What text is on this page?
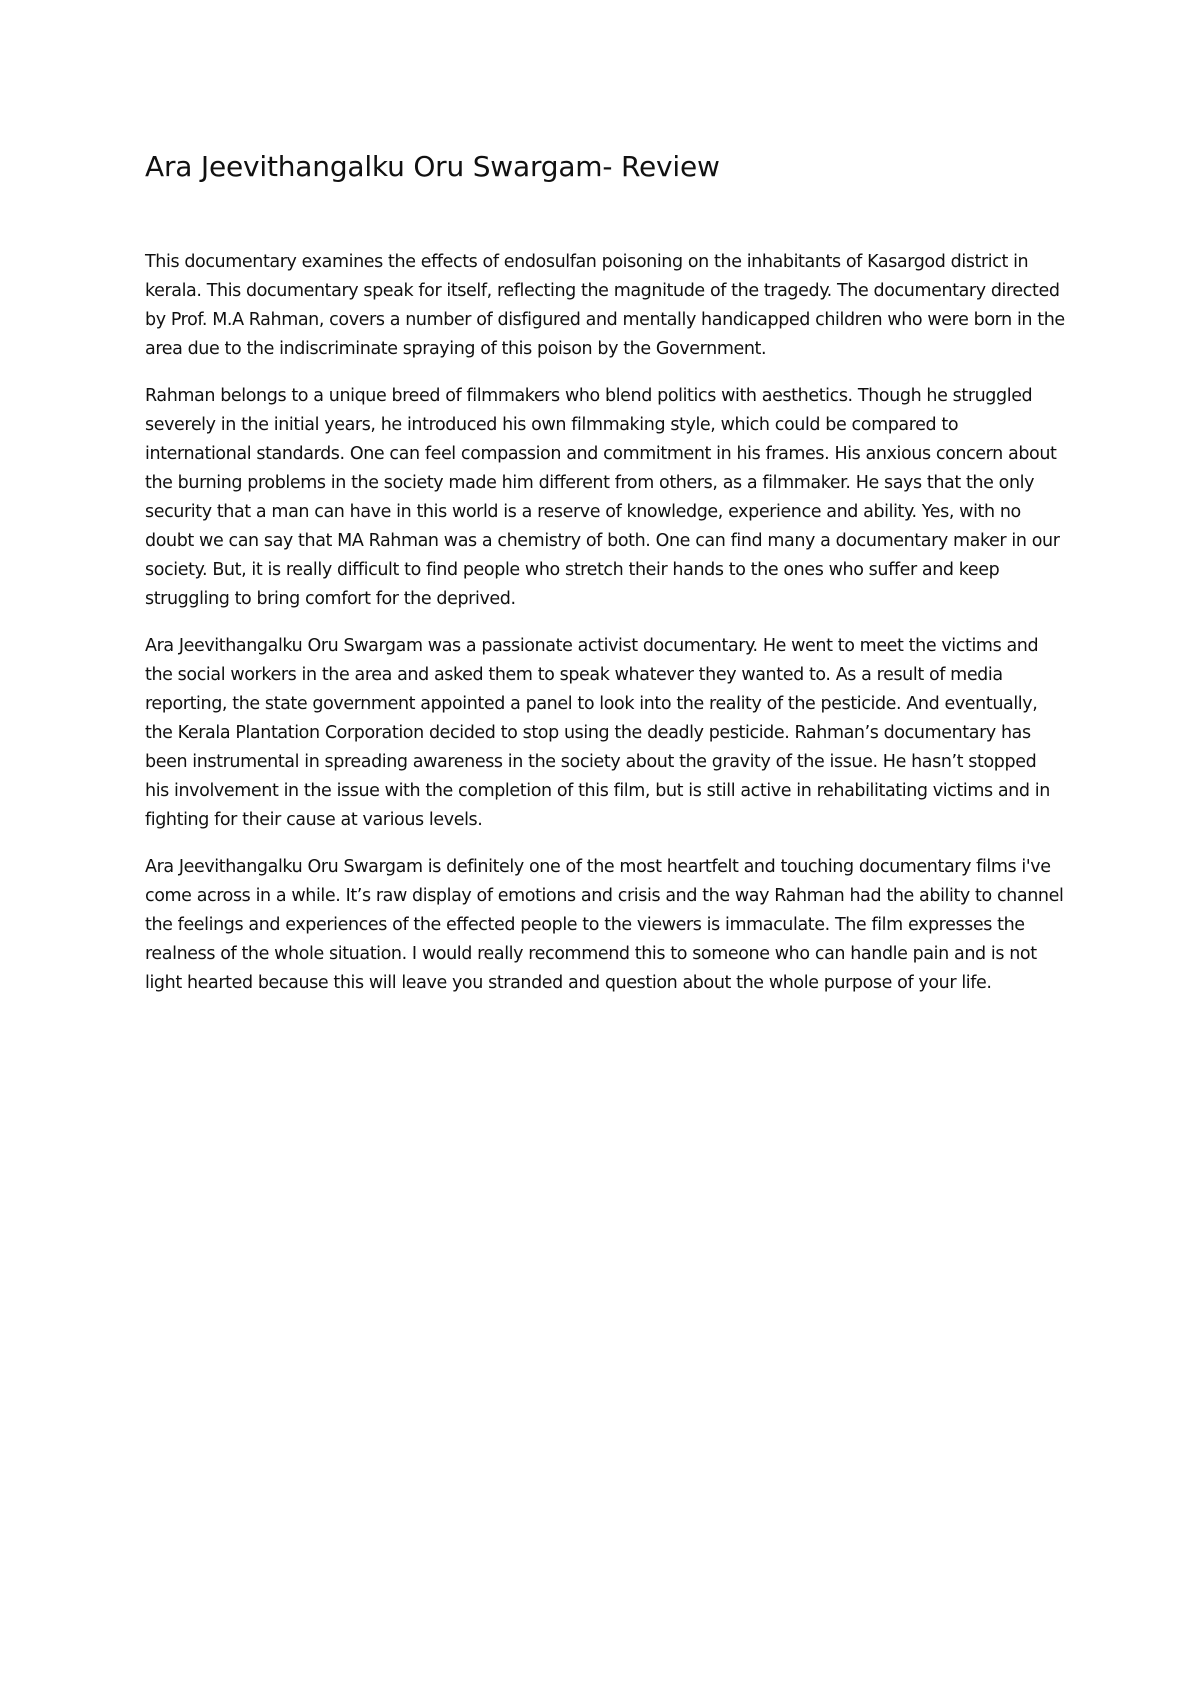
Ara Jeevithangalku Oru Swargam- Review

This documentary examines the effects of endosulfan poisoning on the inhabitants of Kasargod district in kerala. This documentary speak for itself, reflecting the magnitude of the tragedy. The documentary directed by Prof. M.A Rahman, covers a number of disfigured and mentally handicapped children who were born in the area due to the indiscriminate spraying of this poison by the Government.

Rahman belongs to a unique breed of filmmakers who blend politics with aesthetics. Though he struggled severely in the initial years, he introduced his own filmmaking style, which could be compared to international standards. One can feel compassion and commitment in his frames. His anxious concern about the burning problems in the society made him different from others, as a filmmaker. He says that the only security that a man can have in this world is a reserve of knowledge, experience and ability. Yes, with no doubt we can say that MA Rahman was a chemistry of both. One can find many a documentary maker in our society. But, it is really difficult to find people who stretch their hands to the ones who suffer and keep struggling to bring comfort for the deprived.

Ara Jeevithangalku Oru Swargam was a passionate activist documentary. He went to meet the victims and the social workers in the area and asked them to speak whatever they wanted to. As a result of media reporting, the state government appointed a panel to look into the reality of the pesticide. And eventually, the Kerala Plantation Corporation decided to stop using the deadly pesticide. Rahman’s documentary has been instrumental in spreading awareness in the society about the gravity of the issue. He hasn’t stopped his involvement in the issue with the completion of this film, but is still active in rehabilitating victims and in fighting for their cause at various levels.

Ara Jeevithangalku Oru Swargam is definitely one of the most heartfelt and touching documentary films i've come across in a while. It’s raw display of emotions and crisis and the way Rahman had the ability to channel the feelings and experiences of the effected people to the viewers is immaculate. The film expresses the realness of the whole situation. I would really recommend this to someone who can handle pain and is not light hearted because this will leave you stranded and question about the whole purpose of your life.
